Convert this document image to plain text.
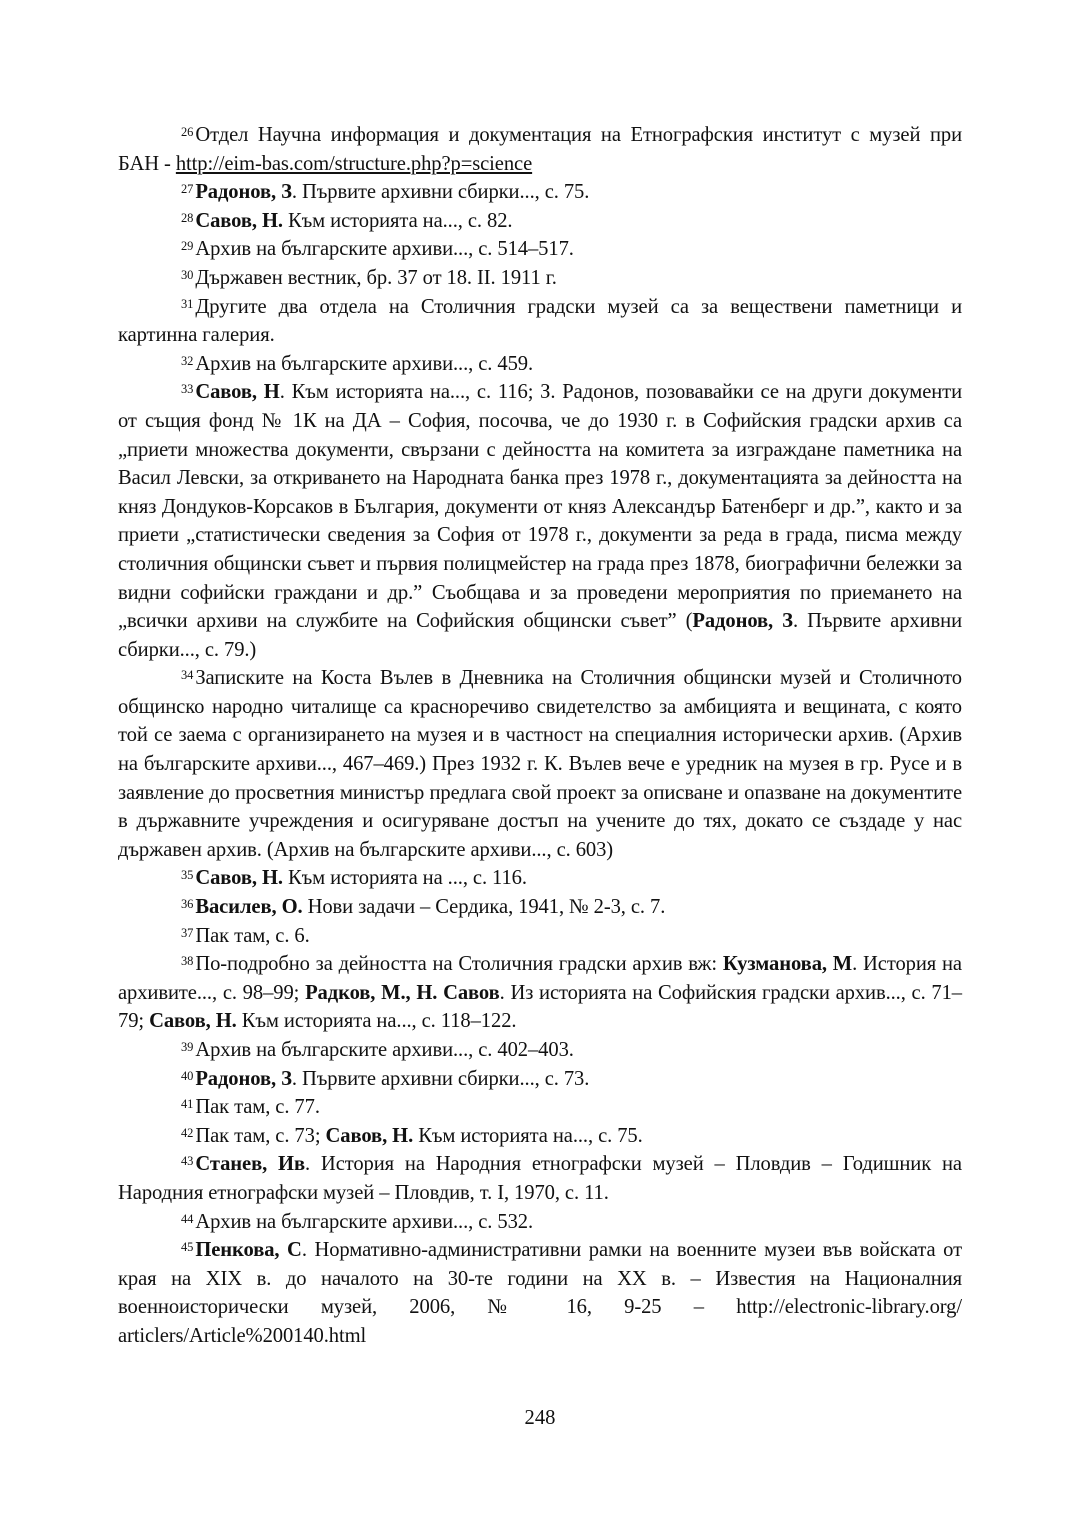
$^{26}$Отдел Научна информация и документация на Етнографския институт с музей при БАН - http://eim-bas.com/structure.php?p=science

$^{27}$Радонов, З. Първите архивни сбирки..., с. 75.

$^{28}$Савов, Н. Към историята на..., с. 82.

$^{29}$Архив на българските архиви..., с. 514–517.

$^{30}$Държавен вестник, бр. 37 от 18. II. 1911 г.

$^{31}$Другите два отдела на Столичния градски музей са за веществени паметници и картинна галерия.

$^{32}$Архив на българските архиви..., с. 459.

$^{33}$Савов, Н. Към историята на..., с. 116; З. Радонов, позовавайки се на други документи от същия фонд № 1К на ДА – София, посочва, че до 1930 г. в Софийския градски архив са „приети множества документи, свързани с дейността на комитета за изграждане паметника на Васил Левски, за откриването на Народната банка през 1978 г., документацията за дейността на княз Дондуков-Корсаков в България, документи от княз Александър Батенберг и др.”, както и за приети „статистически сведения за София от 1978 г., документи за реда в града, писма между столичния общински съвет и първия полицмейстер на града през 1878, биографични бележки за видни софийски граждани и др.” Съобщава и за проведени мероприятия по приемането на „всички архиви на службите на Софийския общински съвет” (Радонов, З. Първите архивни сбирки..., с. 79.)

$^{34}$Записките на Коста Вълев в Дневника на Столичния общински музей и Столичното общинско народно читалище са красноречиво свидетелство за амбицията и вещината, с която той се заема с организирането на музея и в частност на специалния исторически архив. (Архив на българските архиви..., 467–469.) През 1932 г. К. Вълев вече е уредник на музея в гр. Русе и в заявление до просветния министър предлага свой проект за описване и опазване на документите в държавните учреждения и осигуряване достъп на учените до тях, докато се създаде у нас държавен архив. (Архив на българските архиви..., с. 603)

$^{35}$Савов, Н. Към историята на ..., с. 116.

$^{36}$Василев, О. Нови задачи – Сердика, 1941, № 2-3, с. 7.

$^{37}$Пак там, с. 6.

$^{38}$По-подробно за дейността на Столичния градски архив вж: Кузманова, М. История на архивите..., с. 98–99; Радков, М., Н. Савов. Из историята на Софийския градски архив..., с. 71–79; Савов, Н. Към историята на..., с. 118–122.

$^{39}$Архив на българските архиви..., с. 402–403.

$^{40}$Радонов, З. Първите архивни сбирки..., с. 73.

$^{41}$Пак там, с. 77.

$^{42}$Пак там, с. 73; Савов, Н. Към историята на..., с. 75.

$^{43}$Станев, Ив. История на Народния етнографски музей – Пловдив – Годишник на Народния етнографски музей – Пловдив, т. I, 1970, с. 11.

$^{44}$Архив на българските архиви..., с. 532.

$^{45}$Пенкова, С. Нормативно-административни рамки на военните музеи във войската от края на XIX в. до началото на 30-те години на XX в. – Известия на Националния военноисторически музей, 2006, № 16, 9-25 – http://electronic-library.org/ articlers/Article%200140.html

248
